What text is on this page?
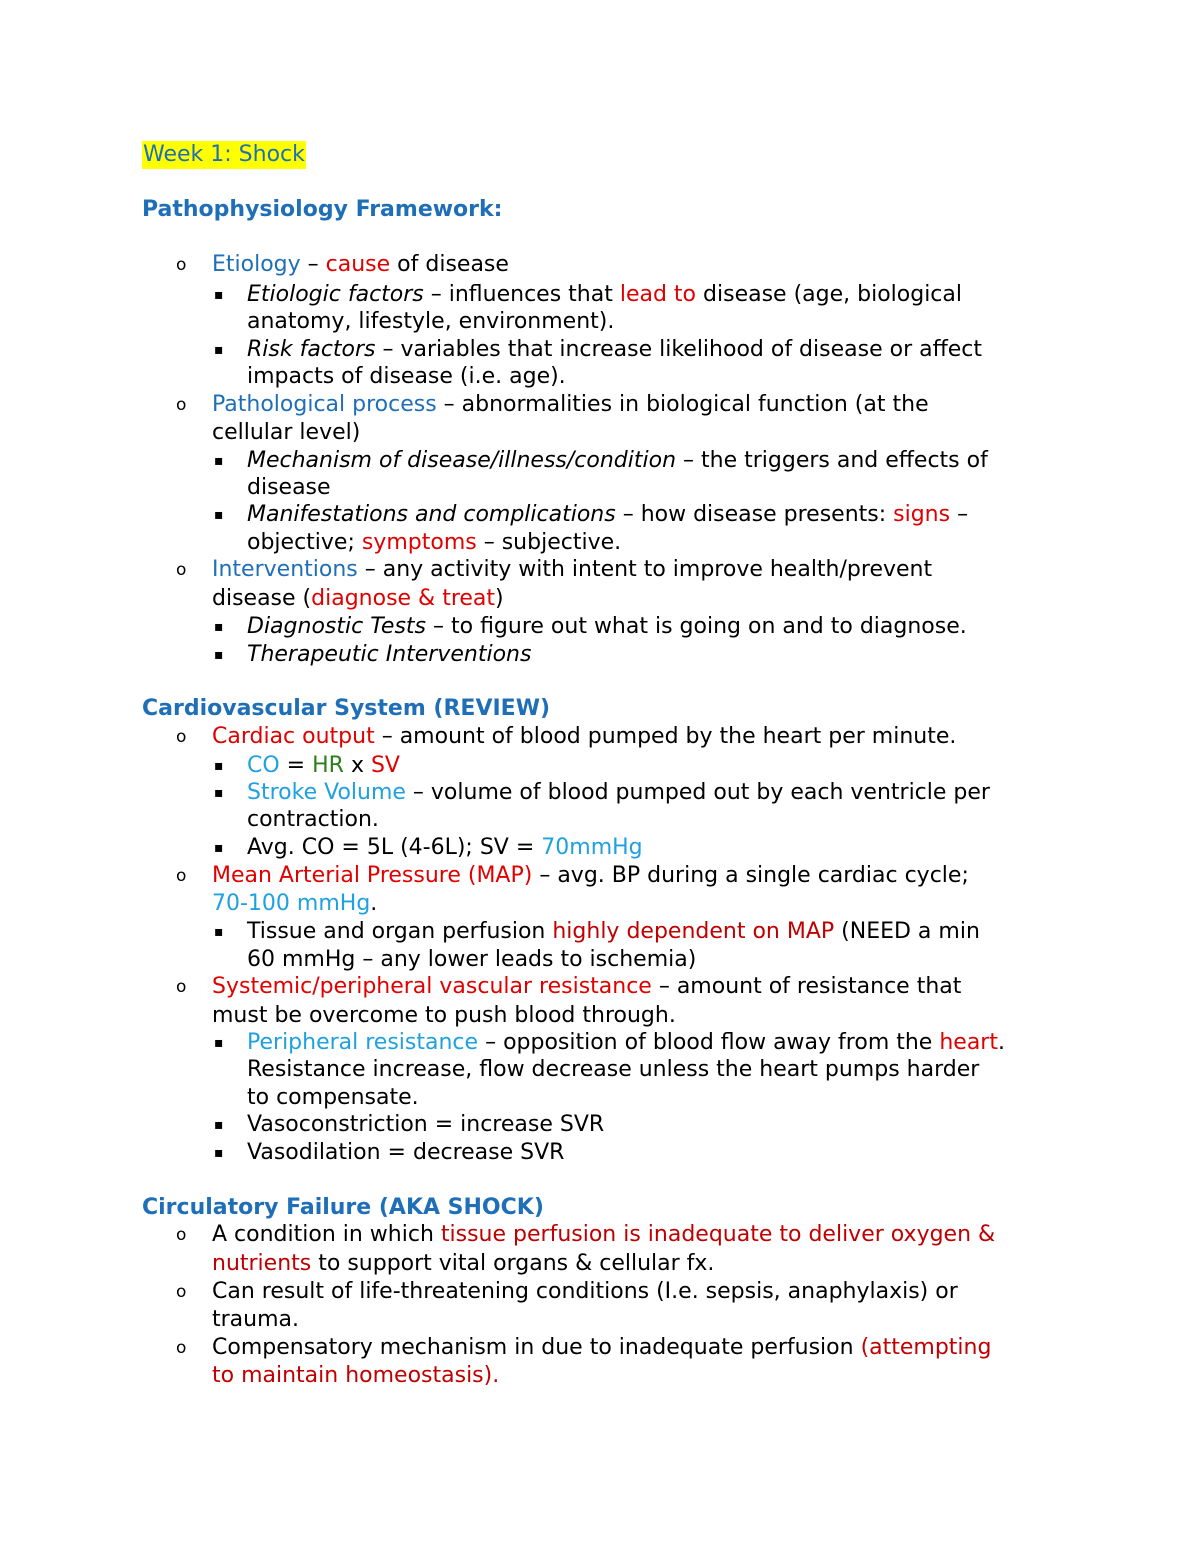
Week 1: Shock
Pathophysiology Framework:
o Etiology – cause of disease
▪ Etiologic factors – influences that lead to disease (age, biological
anatomy, lifestyle, environment).
▪ Risk factors – variables that increase likelihood of disease or affect
impacts of disease (i.e. age).
o Pathological process – abnormalities in biological function (at the
cellular level)
▪ Mechanism of disease/illness/condition – the triggers and effects of
disease
▪ Manifestations and complications – how disease presents: signs –
objective; symptoms – subjective.
o Interventions – any activity with intent to improve health/prevent
disease (diagnose & treat)
▪ Diagnostic Tests – to figure out what is going on and to diagnose.
▪ Therapeutic Interventions
Cardiovascular System (REVIEW)
o Cardiac output – amount of blood pumped by the heart per minute.
▪ CO = HR x SV
▪ Stroke Volume – volume of blood pumped out by each ventricle per
contraction.
▪ Avg. CO = 5L (4-6L); SV = 70mmHg
o Mean Arterial Pressure (MAP) – avg. BP during a single cardiac cycle;
70-100 mmHg.
▪ Tissue and organ perfusion highly dependent on MAP (NEED a min
60 mmHg – any lower leads to ischemia)
o Systemic/peripheral vascular resistance – amount of resistance that
must be overcome to push blood through.
▪ Peripheral resistance – opposition of blood flow away from the heart.
Resistance increase, flow decrease unless the heart pumps harder
to compensate.
▪ Vasoconstriction = increase SVR
▪ Vasodilation = decrease SVR
Circulatory Failure (AKA SHOCK)
o A condition in which tissue perfusion is inadequate to deliver oxygen &
nutrients to support vital organs & cellular fx.
o Can result of life-threatening conditions (I.e. sepsis, anaphylaxis) or
trauma.
o Compensatory mechanism in due to inadequate perfusion (attempting
to maintain homeostasis).
